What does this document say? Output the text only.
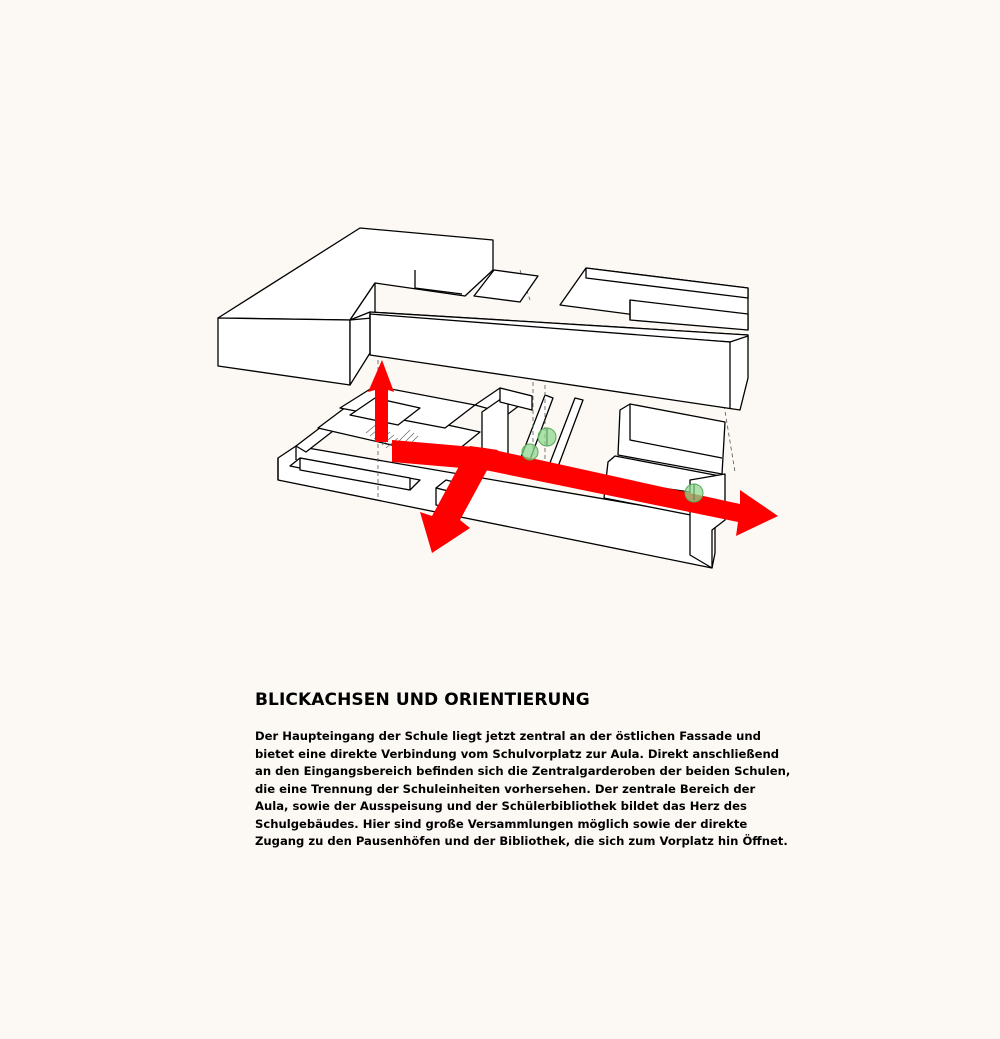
BLICKACHSEN UND ORIENTIERUNG

Der Haupteingang der Schule liegt jetzt zentral an der östlichen Fassade und
bietet eine direkte Verbindung vom Schulvorplatz zur Aula. Direkt anschließend
an den Eingangsbereich befinden sich die Zentralgarderoben der beiden Schulen,
die eine Trennung der Schuleinheiten vorhersehen. Der zentrale Bereich der
Aula, sowie der Ausspeisung und der Schülerbibliothek bildet das Herz des
Schulgebäudes. Hier sind große Versammlungen möglich sowie der direkte
Zugang zu den Pausenhöfen und der Bibliothek, die sich zum Vorplatz hin Öffnet.
